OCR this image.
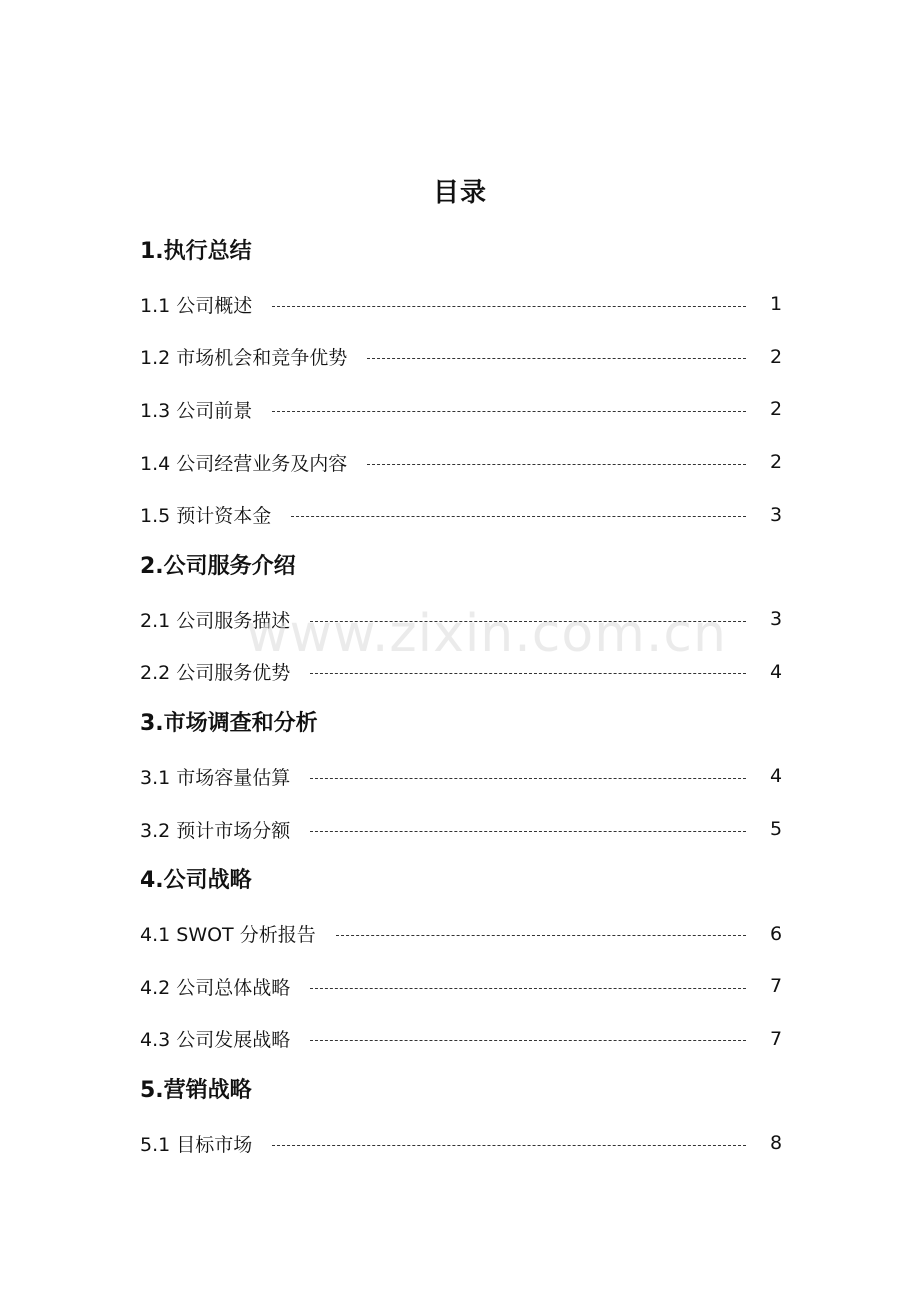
目录
1.执行总结
1.1 公司概述	1
1.2 市场机会和竞争优势	2
1.3 公司前景	2
1.4 公司经营业务及内容	2
1.5 预计资本金	3
2.公司服务介绍
2.1 公司服务描述	3
2.2 公司服务优势	4
3.市场调查和分析
3.1 市场容量估算	4
3.2 预计市场分额	5
4.公司战略
4.1 SWOT 分析报告	6
4.2 公司总体战略	7
4.3 公司发展战略	7
5.营销战略
5.1 目标市场	8
www.zixin.com.cn
